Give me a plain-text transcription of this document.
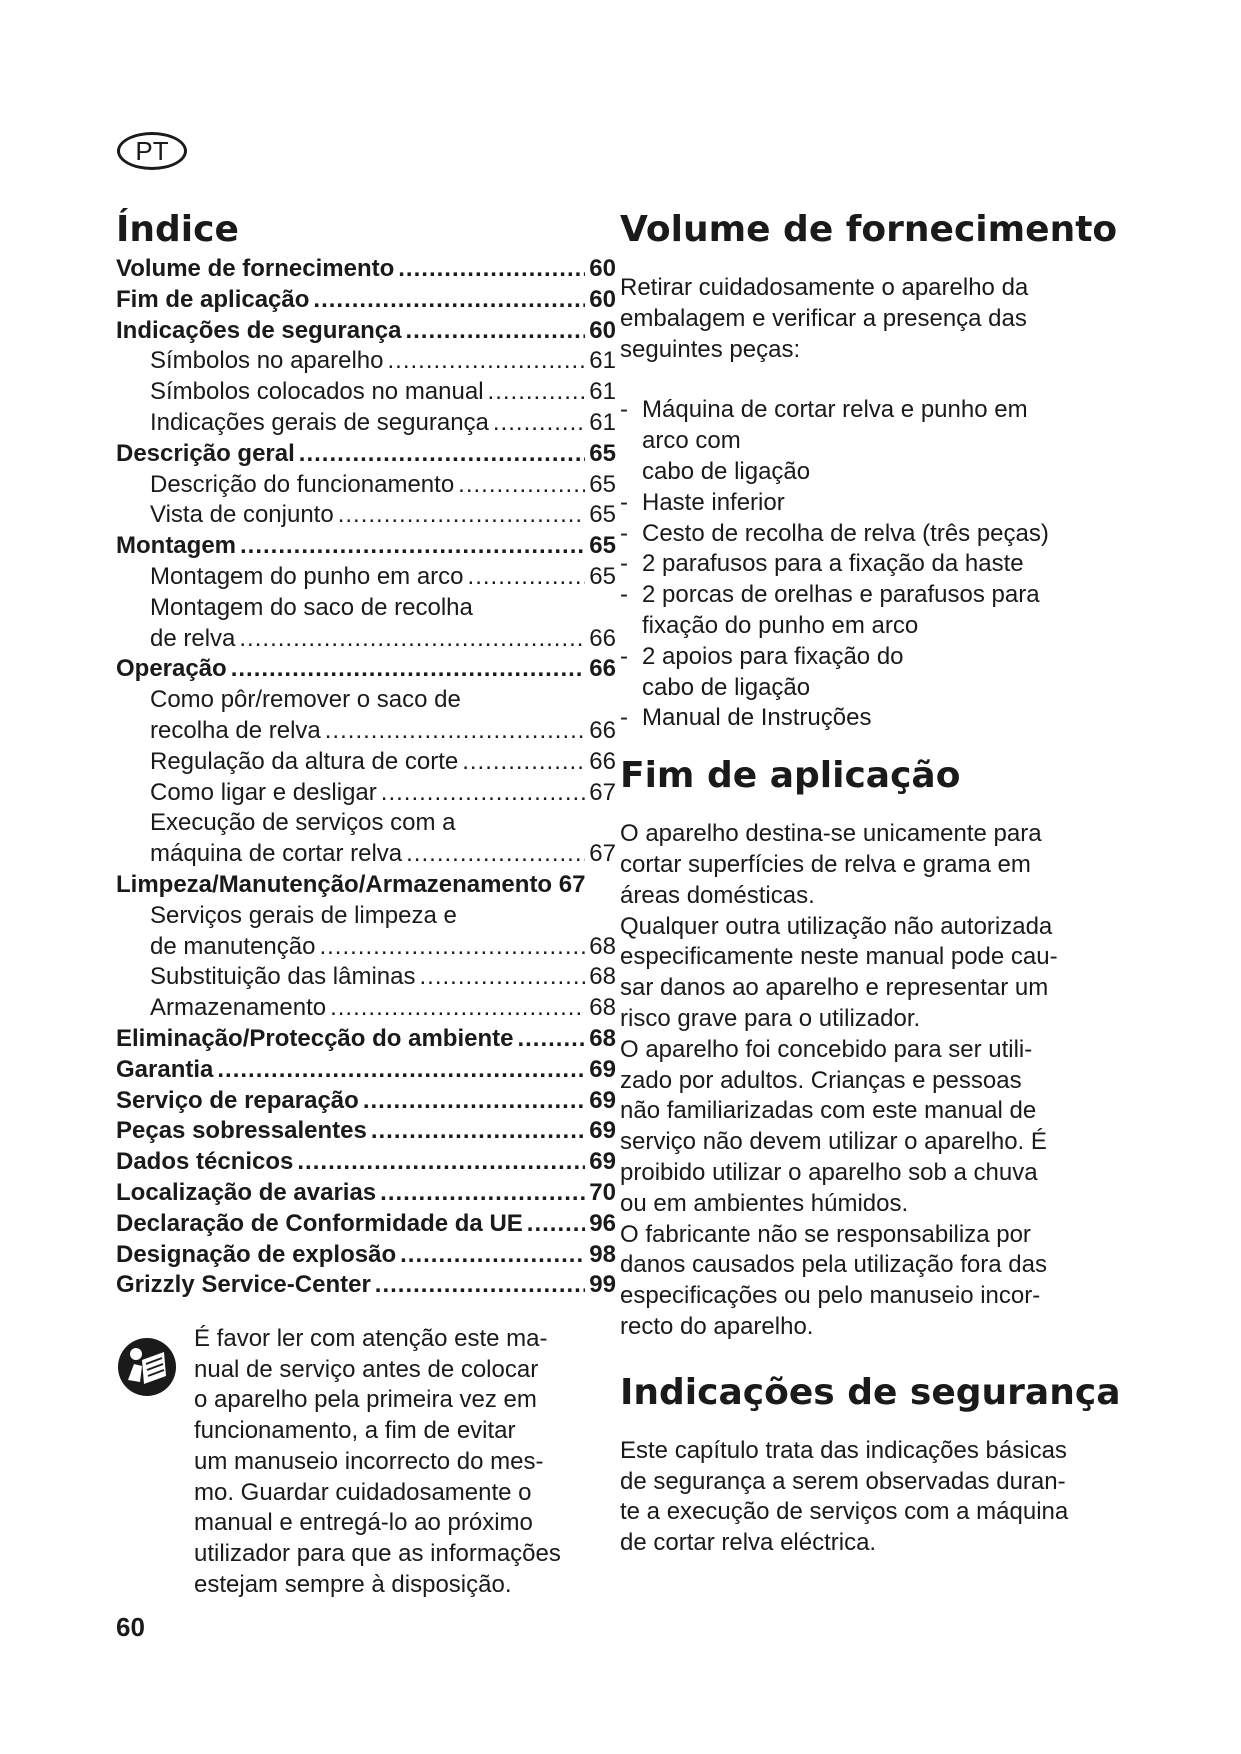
PT
Índice
Volume de fornecimento .....	60
Fim de aplicação .....	60
Indicações de segurança .....	60
Símbolos no aparelho .....	61
Símbolos colocados no manual .....	61
Indicações gerais de segurança .....	61
Descrição geral .....	65
Descrição do funcionamento .....	65
Vista de conjunto .....	65
Montagem .....	65
Montagem do punho em arco .....	65
Montagem do saco de recolha
de relva .....	66
Operação .....	66
Como pôr/remover o saco de
recolha de relva .....	66
Regulação da altura de corte .....	66
Como ligar e desligar .....	67
Execução de serviços com a
máquina de cortar relva .....	67
Limpeza/Manutenção/Armazenamento 67
Serviços gerais de limpeza e
de manutenção .....	68
Substituição das lâminas .....	68
Armazenamento .....	68
Eliminação/Protecção do ambiente .....	68
Garantia .....	69
Serviço de reparação .....	69
Peças sobressalentes .....	69
Dados técnicos .....	69
Localização de avarias .....	70
Declaração de Conformidade da UE .....	96
Designação de explosão .....	98
Grizzly Service-Center .....	99

É favor ler com atenção este ma-
nual de serviço antes de colocar
o aparelho pela primeira vez em
funcionamento, a fim de evitar
um manuseio incorrecto do mes-
mo. Guardar cuidadosamente o
manual e entregá-lo ao próximo
utilizador para que as informações
estejam sempre à disposição.

60
Volume de fornecimento

Retirar cuidadosamente o aparelho da
embalagem e verificar a presença das
seguintes peças:

- Máquina de cortar relva e punho em
arco com
cabo de ligação
- Haste inferior
- Cesto de recolha de relva (três peças)
- 2 parafusos para a fixação da haste
- 2 porcas de orelhas e parafusos para
fixação do punho em arco
- 2 apoios para fixação do
cabo de ligação
- Manual de Instruções
Fim de aplicação

O aparelho destina-se unicamente para
cortar superfícies de relva e grama em
áreas domésticas.
Qualquer outra utilização não autorizada
especificamente neste manual pode cau-
sar danos ao aparelho e representar um
risco grave para o utilizador.
O aparelho foi concebido para ser utili-
zado por adultos. Crianças e pessoas
não familiarizadas com este manual de
serviço não devem utilizar o aparelho. É
proibido utilizar o aparelho sob a chuva
ou em ambientes húmidos.
O fabricante não se responsabiliza por
danos causados pela utilização fora das
especificações ou pelo manuseio incor-
recto do aparelho.

Indicações de segurança

Este capítulo trata das indicações básicas
de segurança a serem observadas duran-
te a execução de serviços com a máquina
de cortar relva eléctrica.
